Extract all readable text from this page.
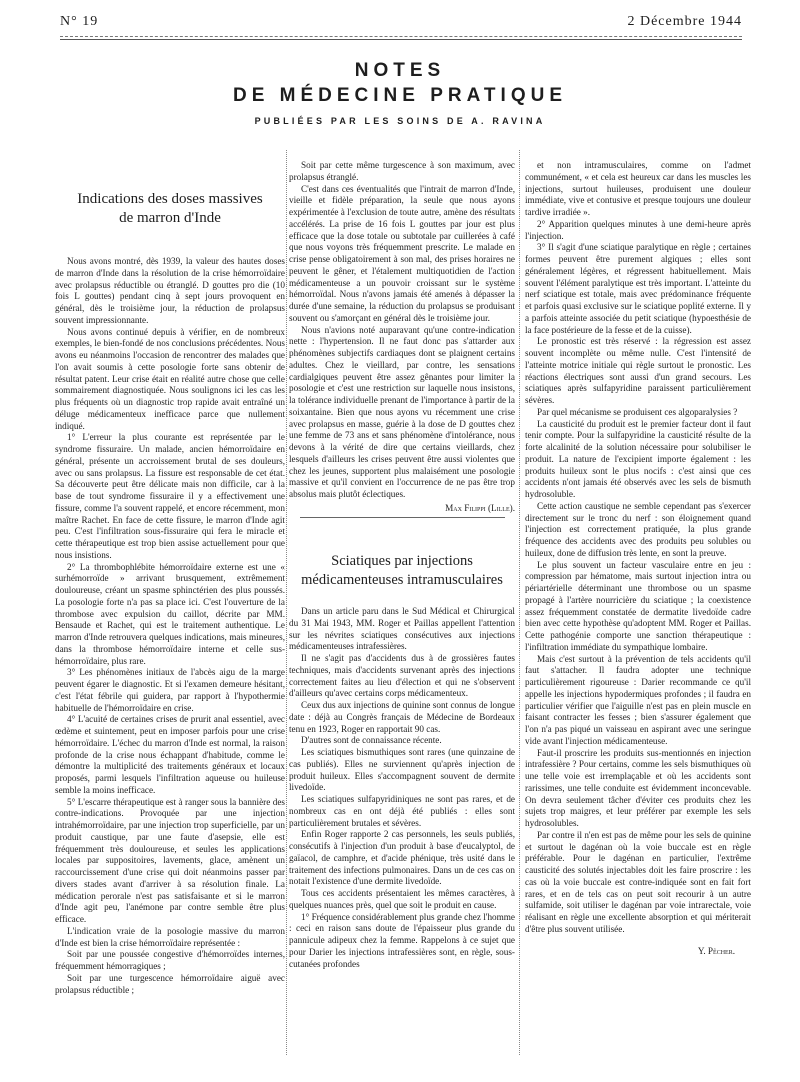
N° 19	2 Décembre 1944
NOTES
DE MÉDECINE PRATIQUE
PUBLIÉES PAR LES SOINS DE A. RAVINA
Indications des doses massives
de marron d'Inde

Nous avons montré, dès 1939, la valeur des hautes doses de marron d'Inde dans la résolution de la crise hémorroïdaire avec prolapsus réductible ou étranglé. D gouttes pro die (10 fois L gouttes) pendant cinq à sept jours provoquent en général, dès le troisième jour, la réduction de prolapsus souvent impressionnante.

Nous avons continué depuis à vérifier, en de nombreux exemples, le bien-fondé de nos conclusions précédentes. Nous avons eu néanmoins l'occasion de rencontrer des malades que l'on avait soumis à cette posologie forte sans obtenir de résultat patent. Leur crise était en réalité autre chose que celle sommairement diagnostiquée. Nous soulignons ici les cas les plus fréquents où un diagnostic trop rapide avait entraîné un déluge médicamenteux inefficace parce que nullement indiqué.

1° L'erreur la plus courante est représentée par le syndrome fissuraire. Un malade, ancien hémorroïdaire en général, présente un accroissement brutal de ses douleurs, avec ou sans prolapsus. La fissure est responsable de cet état. Sa découverte peut être délicate mais non difficile, car à la base de tout syndrome fissuraire il y a effectivement une fissure, comme l'a souvent rappelé, et encore récemment, mon maître Rachet. En face de cette fissure, le marron d'Inde agit peu. C'est l'infiltration sous-fissuraire qui fera le miracle et cette thérapeutique est trop bien assise actuellement pour que nous insistions.

2° La thrombophlébite hémorroïdaire externe est une « surhémorroïde » arrivant brusquement, extrêmement douloureuse, créant un spasme sphinctérien des plus poussés. La posologie forte n'a pas sa place ici. C'est l'ouverture de la thrombose avec expulsion du caillot, décrite par MM. Bensaude et Rachet, qui est le traitement authentique. Le marron d'Inde retrouvera quelques indications, mais mineures, dans la thrombose hémorroïdaire interne et celle sus-hémorroïdaire, plus rare.

3° Les phénomènes initiaux de l'abcès aigu de la marge peuvent égarer le diagnostic. Et si l'examen demeure hésitant, c'est l'état fébrile qui guidera, par rapport à l'hypothermie habituelle de l'hémorroïdaire en crise.

4° L'acuité de certaines crises de prurit anal essentiel, avec œdème et suintement, peut en imposer parfois pour une crise hémorroïdaire. L'échec du marron d'Inde est normal, la raison profonde de la crise nous échappant d'habitude, comme le démontre la multiplicité des traitements généraux et locaux proposés, parmi lesquels l'infiltration aqueuse ou huileuse semble la moins inefficace.

5° L'escarre thérapeutique est à ranger sous la bannière des contre-indications. Provoquée par une injection intrahémorroïdaire, par une injection trop superficielle, par un produit caustique, par une faute d'asepsie, elle est fréquemment très douloureuse, et seules les applications locales par suppositoires, lavements, glace, amènent un raccourcissement d'une crise qui doit néanmoins passer par divers stades avant d'arriver à sa résolution finale. La médication perorale n'est pas satisfaisante et si le marron d'Inde agit peu, l'anémone par contre semble être plus efficace.

L'indication vraie de la posologie massive du marron d'Inde est bien la crise hémorroïdaire représentée :

Soit par une poussée congestive d'hémorroïdes internes, fréquemment hémorragiques ;

Soit par une turgescence hémorroïdaire aiguë avec prolapsus réductible ;

Soit par cette même turgescence à son maximum, avec prolapsus étranglé.

C'est dans ces éventualités que l'intrait de marron d'Inde, vieille et fidèle préparation, la seule que nous ayons expérimentée à l'exclusion de toute autre, amène des résultats accélérés. La prise de 16 fois L gouttes par jour est plus efficace que la dose totale ou subtotale par cuillerées à café que nous voyons très fréquemment prescrite. Le malade en crise pense obligatoirement à son mal, des prises horaires ne peuvent le gêner, et l'étalement multiquotidien de l'action médicamenteuse a un pouvoir croissant sur le système hémorroïdal. Nous n'avons jamais été amenés à dépasser la durée d'une semaine, la réduction du prolapsus se produisant souvent ou s'amorçant en général dès le troisième jour.

Nous n'avions noté auparavant qu'une contre-indication nette : l'hypertension. Il ne faut donc pas s'attarder aux phénomènes subjectifs cardiaques dont se plaignent certains adultes. Chez le vieillard, par contre, les sensations cardialgiques peuvent être assez gênantes pour limiter la posologie et c'est une restriction sur laquelle nous insistons, la tolérance individuelle prenant de l'importance à partir de la soixantaine. Bien que nous ayons vu récemment une crise avec prolapsus en masse, guérie à la dose de D gouttes chez une femme de 73 ans et sans phénomène d'intolérance, nous devons à la vérité de dire que certains vieillards, chez lesquels d'ailleurs les crises peuvent être aussi violentes que chez les jeunes, supportent plus malaisément une posologie massive et qu'il convient en l'occurrence de ne pas être trop absolus mais plutôt éclectiques.

Max Filippi (Lille).

Sciatiques par injections
médicamenteuses intramusculaires

Dans un article paru dans le Sud Médical et Chirurgical du 31 Mai 1943, MM. Roger et Paillas appellent l'attention sur les névrites sciatiques consécutives aux injections médicamenteuses intrafessières.

Il ne s'agit pas d'accidents dus à de grossières fautes techniques, mais d'accidents survenant après des injections correctement faites au lieu d'élection et qui ne s'observent d'ailleurs qu'avec certains corps médicamenteux.

Ceux dus aux injections de quinine sont connus de longue date : déjà au Congrès français de Médecine de Bordeaux tenu en 1923, Roger en rapportait 90 cas.

D'autres sont de connaissance récente.

Les sciatiques bismuthiques sont rares (une quinzaine de cas publiés). Elles ne surviennent qu'après injection de produit huileux. Elles s'accompagnent souvent de dermite livedoïde.

Les sciatiques sulfapyridiniques ne sont pas rares, et de nombreux cas en ont déjà été publiés : elles sont particulièrement brutales et sévères.

Enfin Roger rapporte 2 cas personnels, les seuls publiés, consécutifs à l'injection d'un produit à base d'eucalyptol, de gaïacol, de camphre, et d'acide phénique, très usité dans le traitement des infections pulmonaires. Dans un de ces cas on notait l'existence d'une dermite livedoïde.

Tous ces accidents présentaient les mêmes caractères, à quelques nuances près, quel que soit le produit en cause.

1° Fréquence considérablement plus grande chez l'homme : ceci en raison sans doute de l'épaisseur plus grande du pannicule adipeux chez la femme. Rappelons à ce sujet que pour Darier les injections intrafessières sont, en règle, sous-cutanées profondes

et non intramusculaires, comme on l'admet communément, « et cela est heureux car dans les muscles les injections, surtout huileuses, produisent une douleur immédiate, vive et contusive et presque toujours une douleur tardive irradiée ».

2° Apparition quelques minutes à une demi-heure après l'injection.

3° Il s'agit d'une sciatique paralytique en règle ; certaines formes peuvent être purement algiques ; elles sont généralement légères, et régressent habituellement. Mais souvent l'élément paralytique est très important. L'atteinte du nerf sciatique est totale, mais avec prédominance fréquente et parfois quasi exclusive sur le sciatique poplité externe. Il y a parfois atteinte associée du petit sciatique (hypoesthésie de la face postérieure de la fesse et de la cuisse).

Le pronostic est très réservé : la régression est assez souvent incomplète ou même nulle. C'est l'intensité de l'atteinte motrice initiale qui règle surtout le pronostic. Les réactions électriques sont aussi d'un grand secours. Les sciatiques après sulfapyridine paraissent particulièrement sévères.

Par quel mécanisme se produisent ces algoparalysies ?

La causticité du produit est le premier facteur dont il faut tenir compte. Pour la sulfapyridine la causticité résulte de la forte alcalinité de la solution nécessaire pour solubiliser le produit. La nature de l'excipient importe également : les produits huileux sont le plus nocifs : c'est ainsi que ces accidents n'ont jamais été observés avec les sels de bismuth hydrosoluble.

Cette action caustique ne semble cependant pas s'exercer directement sur le tronc du nerf : son éloignement quand l'injection est correctement pratiquée, la plus grande fréquence des accidents avec des produits peu solubles ou huileux, done de diffusion très lente, en sont la preuve.

Le plus souvent un facteur vasculaire entre en jeu : compression par hématome, mais surtout injection intra ou périartérielle déterminant une thrombose ou un spasme propagé à l'artère nourricière du sciatique ; la coexistence assez fréquemment constatée de dermatite livedoïde cadre bien avec cette hypothèse qu'adoptent MM. Roger et Paillas. Cette pathogénie comporte une sanction thérapeutique : l'infiltration immédiate du sympathique lombaire.

Mais c'est surtout à la prévention de tels accidents qu'il faut s'attacher. Il faudra adopter une technique particulièrement rigoureuse : Darier recommande ce qu'il appelle les injections hypodermiques profondes ; il faudra en particulier vérifier que l'aiguille n'est pas en plein muscle en faisant contracter les fesses ; bien s'assurer également que l'on n'a pas piqué un vaisseau en aspirant avec une seringue vide avant l'injection médicamenteuse.

Faut-il proscrire les produits sus-mentionnés en injection intrafessière ? Pour certains, comme les sels bismuthiques où une telle voie est irremplaçable et où les accidents sont rarissimes, une telle conduite est évidemment inconcevable. On devra seulement tâcher d'éviter ces produits chez les sujets trop maigres, et leur préférer par exemple les sels hydrosolubles.

Par contre il n'en est pas de même pour les sels de quinine et surtout le dagénan où la voie buccale est en règle préférable. Pour le dagénan en particulier, l'extrême causticité des solutés injectables doit les faire proscrire : les cas où la voie buccale est contre-indiquée sont en fait fort rares, et en de tels cas on peut soit recourir à un autre sulfamide, soit utiliser le dagénan par voie intrarectale, voie réalisant en règle une excellente absorption et qui mériterait d'être plus souvent utilisée.

Y. Pêcher.
